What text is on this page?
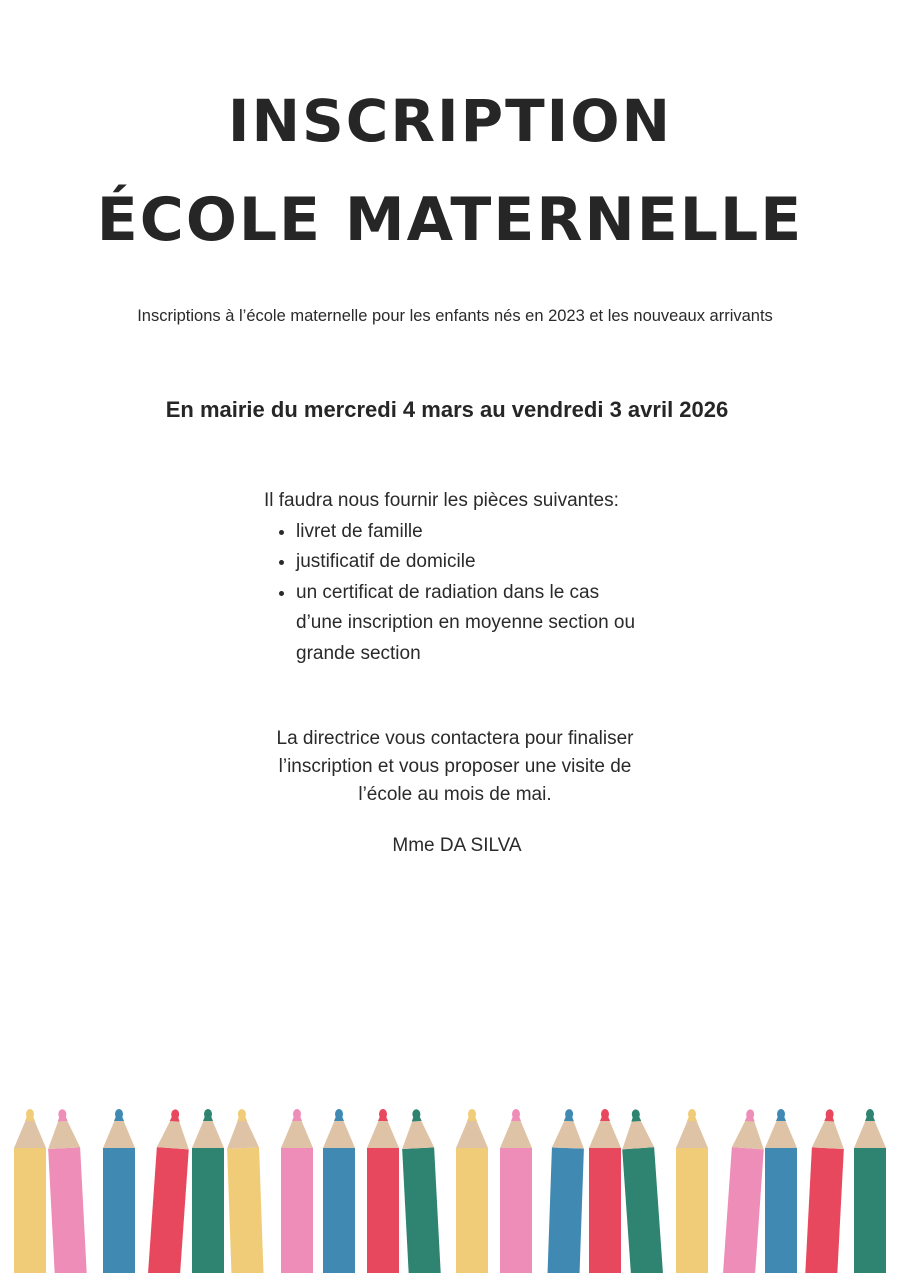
INSCRIPTION
ÉCOLE MATERNELLE

Inscriptions à l’école maternelle pour les enfants nés en 2023 et les nouveaux arrivants

En mairie du mercredi 4 mars au vendredi 3 avril 2026

Il faudra nous fournir les pièces suivantes:

• livret de famille
• justificatif de domicile
• un certificat de radiation dans le cas d’une inscription en moyenne section ou grande section
La directrice vous contactera pour finaliser
l’inscription et vous proposer une visite de
l’école au mois de mai.

Mme DA SILVA
